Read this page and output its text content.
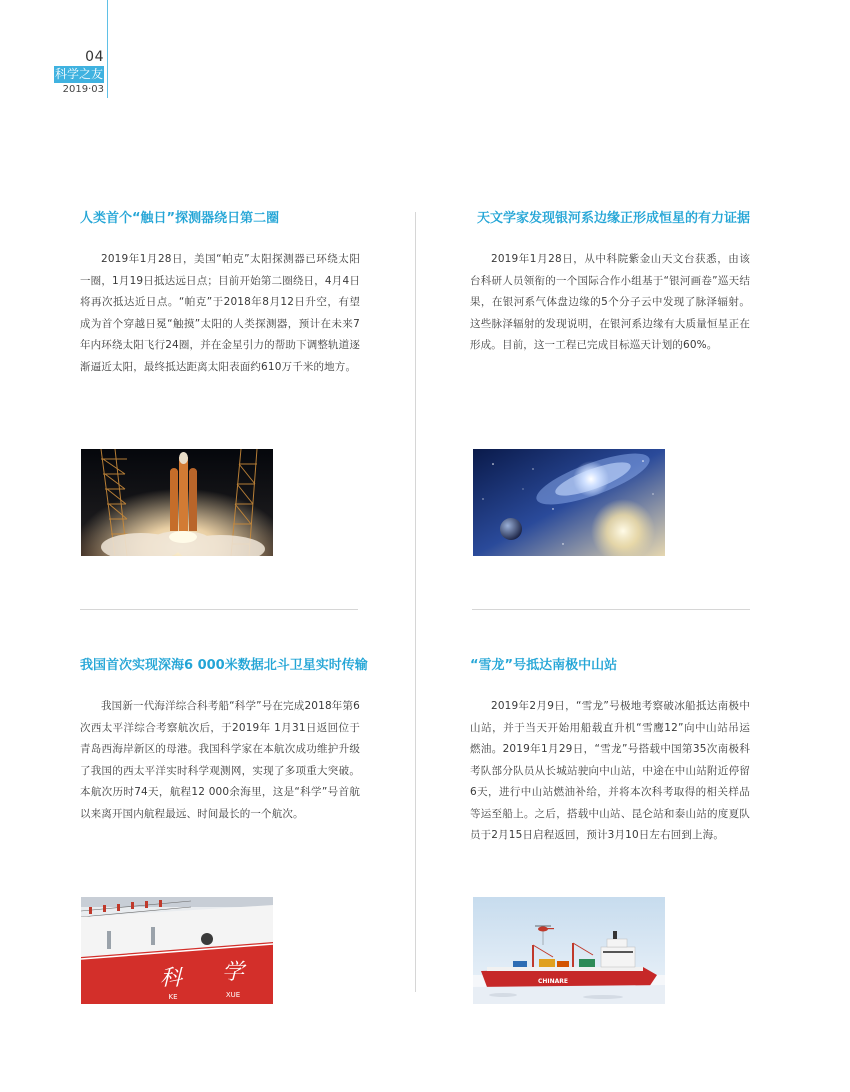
04
科学之友
2019·03
人类首个“触日”探测器绕日第二圈

2019年1月28日，美国“帕克”太阳探测器已环绕太阳一圈，1月19日抵达远日点；目前开始第二圈绕日，4月4日将再次抵达近日点。“帕克”于2018年8月12日升空，有望成为首个穿越日冕“触摸”太阳的人类探测器，预计在未来7年内环绕太阳飞行24圈，并在金星引力的帮助下调整轨道逐渐逼近太阳，最终抵达距离太阳表面约610万千米的地方。

天文学家发现银河系边缘正形成恒星的有力证据

2019年1月28日，从中科院紫金山天文台获悉，由该台科研人员领衔的一个国际合作小组基于“银河画卷”巡天结果，在银河系气体盘边缘的5个分子云中发现了脉泽辐射。这些脉泽辐射的发现说明，在银河系边缘有大质量恒星正在形成。目前，这一工程已完成目标巡天计划的60%。

我国首次实现深海6 000米数据北斗卫星实时传输

我国新一代海洋综合科考船“科学”号在完成2018年第6次西太平洋综合考察航次后，于2019年 1月31日返回位于青岛西海岸新区的母港。我国科学家在本航次成功维护升级了我国的西太平洋实时科学观测网，实现了多项重大突破。本航次历时74天，航程12 000余海里，这是“科学”号首航以来离开国内航程最远、时间最长的一个航次。

“雪龙”号抵达南极中山站

2019年2月9日，“雪龙”号极地考察破冰船抵达南极中山站，并于当天开始用船载直升机“雪鹰12”向中山站吊运燃油。2019年1月29日，“雪龙”号搭载中国第35次南极科考队部分队员从长城站驶向中山站，中途在中山站附近停留6天，进行中山站燃油补给，并将本次科考取得的相关样品等运至船上。之后，搭载中山站、昆仑站和泰山站的度夏队员于2月15日启程返回，预计3月10日左右回到上海。

科 学
KE	XUE
CHINARE
